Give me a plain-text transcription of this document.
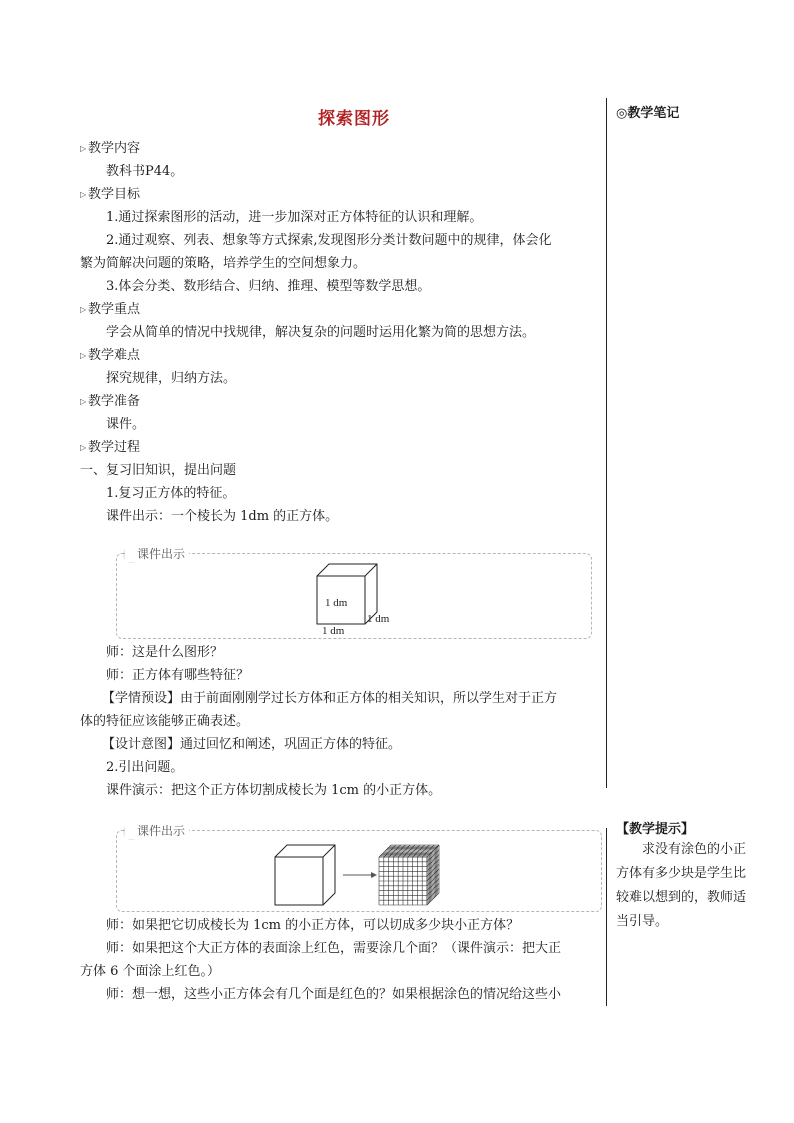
探索图形	◎教学笔记
【教学提示】
求没有涂色的小正方体有多少块是学生比较难以想到的，教师适当引导。
▷ 教学内容
教科书P44。
▷ 教学目标
1.通过探索图形的活动，进一步加深对正方体特征的认识和理解。
2.通过观察、列表、想象等方式探索,发现图形分类计数问题中的规律，体会化
繁为简解决问题的策略，培养学生的空间想象力。
3.体会分类、数形结合、归纳、推理、模型等数学思想。
▷ 教学重点
学会从简单的情况中找规律，解决复杂的问题时运用化繁为简的思想方法。
▷ 教学难点
探究规律，归纳方法。
▷ 教学准备
课件。
▷ 教学过程
一、复习旧知识，提出问题
1.复习正方体的特征。
课件出示：一个棱长为 1dm 的正方体。
课件出示
1 dm
1 dm
1 dm
师：这是什么图形？
师：正方体有哪些特征？
【学情预设】由于前面刚刚学过长方体和正方体的相关知识，所以学生对于正方
体的特征应该能够正确表述。
【设计意图】通过回忆和阐述，巩固正方体的特征。
2.引出问题。
课件演示：把这个正方体切割成棱长为 1cm 的小正方体。
课件出示
师：如果把它切成棱长为 1cm 的小正方体，可以切成多少块小正方体？
师：如果把这个大正方体的表面涂上红色，需要涂几个面？（课件演示：把大正
方体 6 个面涂上红色。）
师：想一想，这些小正方体会有几个面是红色的？如果根据涂色的情况给这些小
